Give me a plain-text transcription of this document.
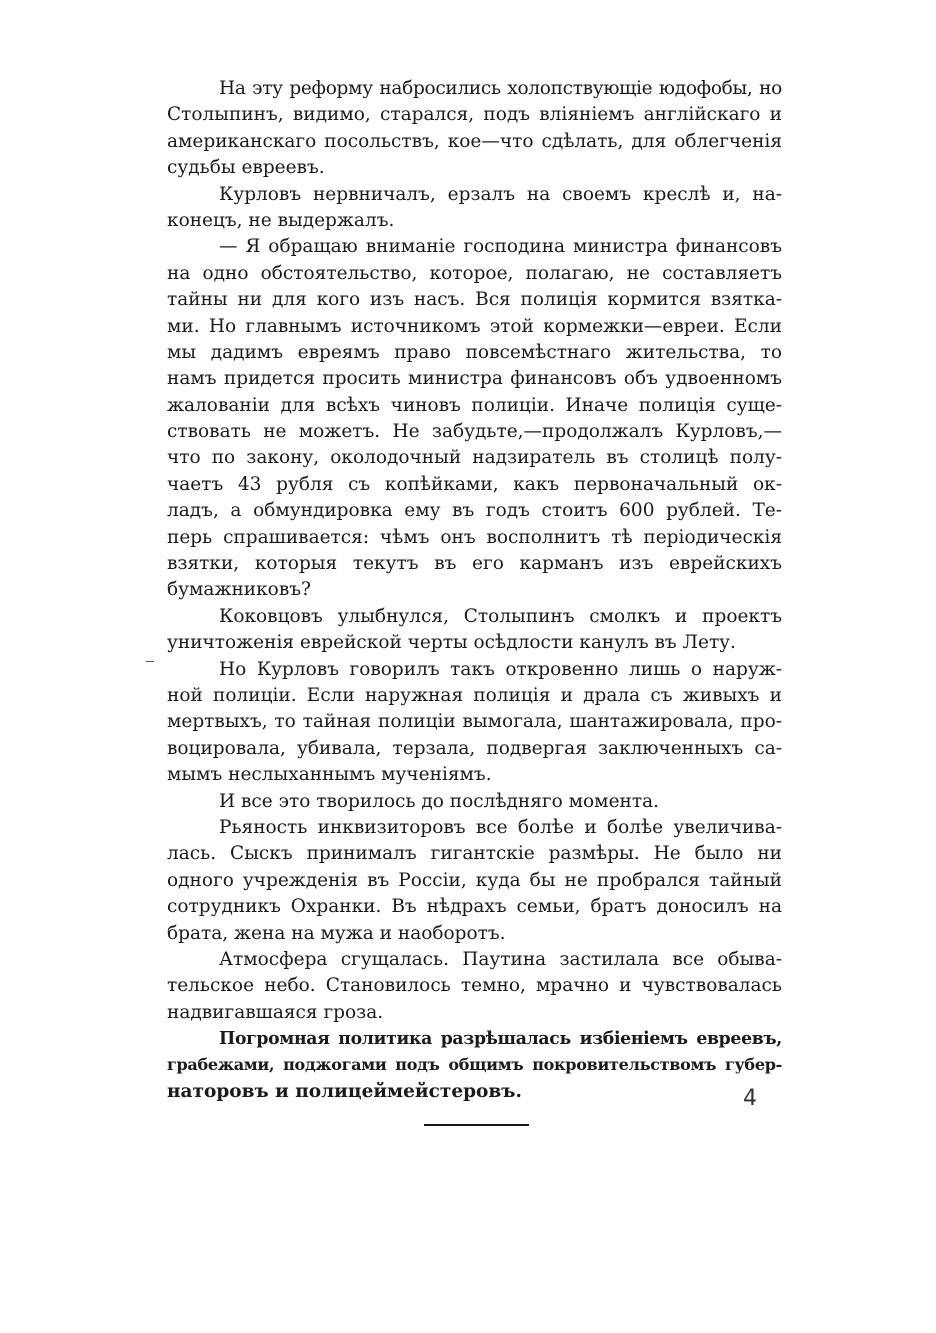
На эту реформу набросились холопствующіе юдофобы, но
Столыпинъ, видимо, старался, подъ вліяніемъ англійскаго и
американскаго посольствъ, кое—что сдѣлать, для облегченія
судьбы евреевъ.
Курловъ нервничалъ, ерзалъ на своемъ креслѣ и, на-
конецъ, не выдержалъ.
— Я обращаю вниманіе господина министра финансовъ
на одно обстоятельство, которое, полагаю, не составляетъ
тайны ни для кого изъ насъ. Вся полиція кормится взятка-
ми. Но главнымъ источникомъ этой кормежки—евреи. Если
мы дадимъ евреямъ право повсемѣстнаго жительства, то
намъ придется просить министра финансовъ объ удвоенномъ
жалованіи для всѣхъ чиновъ полиціи. Иначе полиція суще-
ствовать не можетъ. Не забудьте,—продолжалъ Курловъ,—
что по закону, околодочный надзиратель въ столицѣ полу-
чаетъ 43 рубля съ копѣйками, какъ первоначальный ок-
ладъ, а обмундировка ему въ годъ стоитъ 600 рублей. Те-
перь спрашивается: чѣмъ онъ восполнитъ тѣ періодическія
взятки, которыя текутъ въ его карманъ изъ еврейскихъ
бумажниковъ?
Коковцовъ улыбнулся, Столыпинъ смолкъ и проектъ
уничтоженія еврейской черты осѣдлости канулъ въ Лету.
Но Курловъ говорилъ такъ откровенно лишь о наруж-
ной полиціи. Если наружная полиція и драла съ живыхъ и
мертвыхъ, то тайная полиціи вымогала, шантажировала, про-
воцировала, убивала, терзала, подвергая заключенныхъ са-
мымъ неслыханнымъ мученіямъ.
И все это творилось до послѣдняго момента.
Рьяность инквизиторовъ все болѣе и болѣе увеличива-
лась. Сыскъ принималъ гигантскіе размѣры. Не было ни
одного учрежденія въ Россіи, куда бы не пробрался тайный
сотрудникъ Охранки. Въ нѣдрахъ семьи, братъ доносилъ на
брата, жена на мужа и наоборотъ.
Атмосфера сгущалась. Паутина застилала все обыва-
тельское небо. Становилось темно, мрачно и чувствовалась
надвигавшаяся гроза.
Погромная политика разрѣшалась избіеніемъ евреевъ,
грабежами, поджогами подъ общимъ покровительствомъ губер-
наторовъ и полицеймейстеровъ.	4
